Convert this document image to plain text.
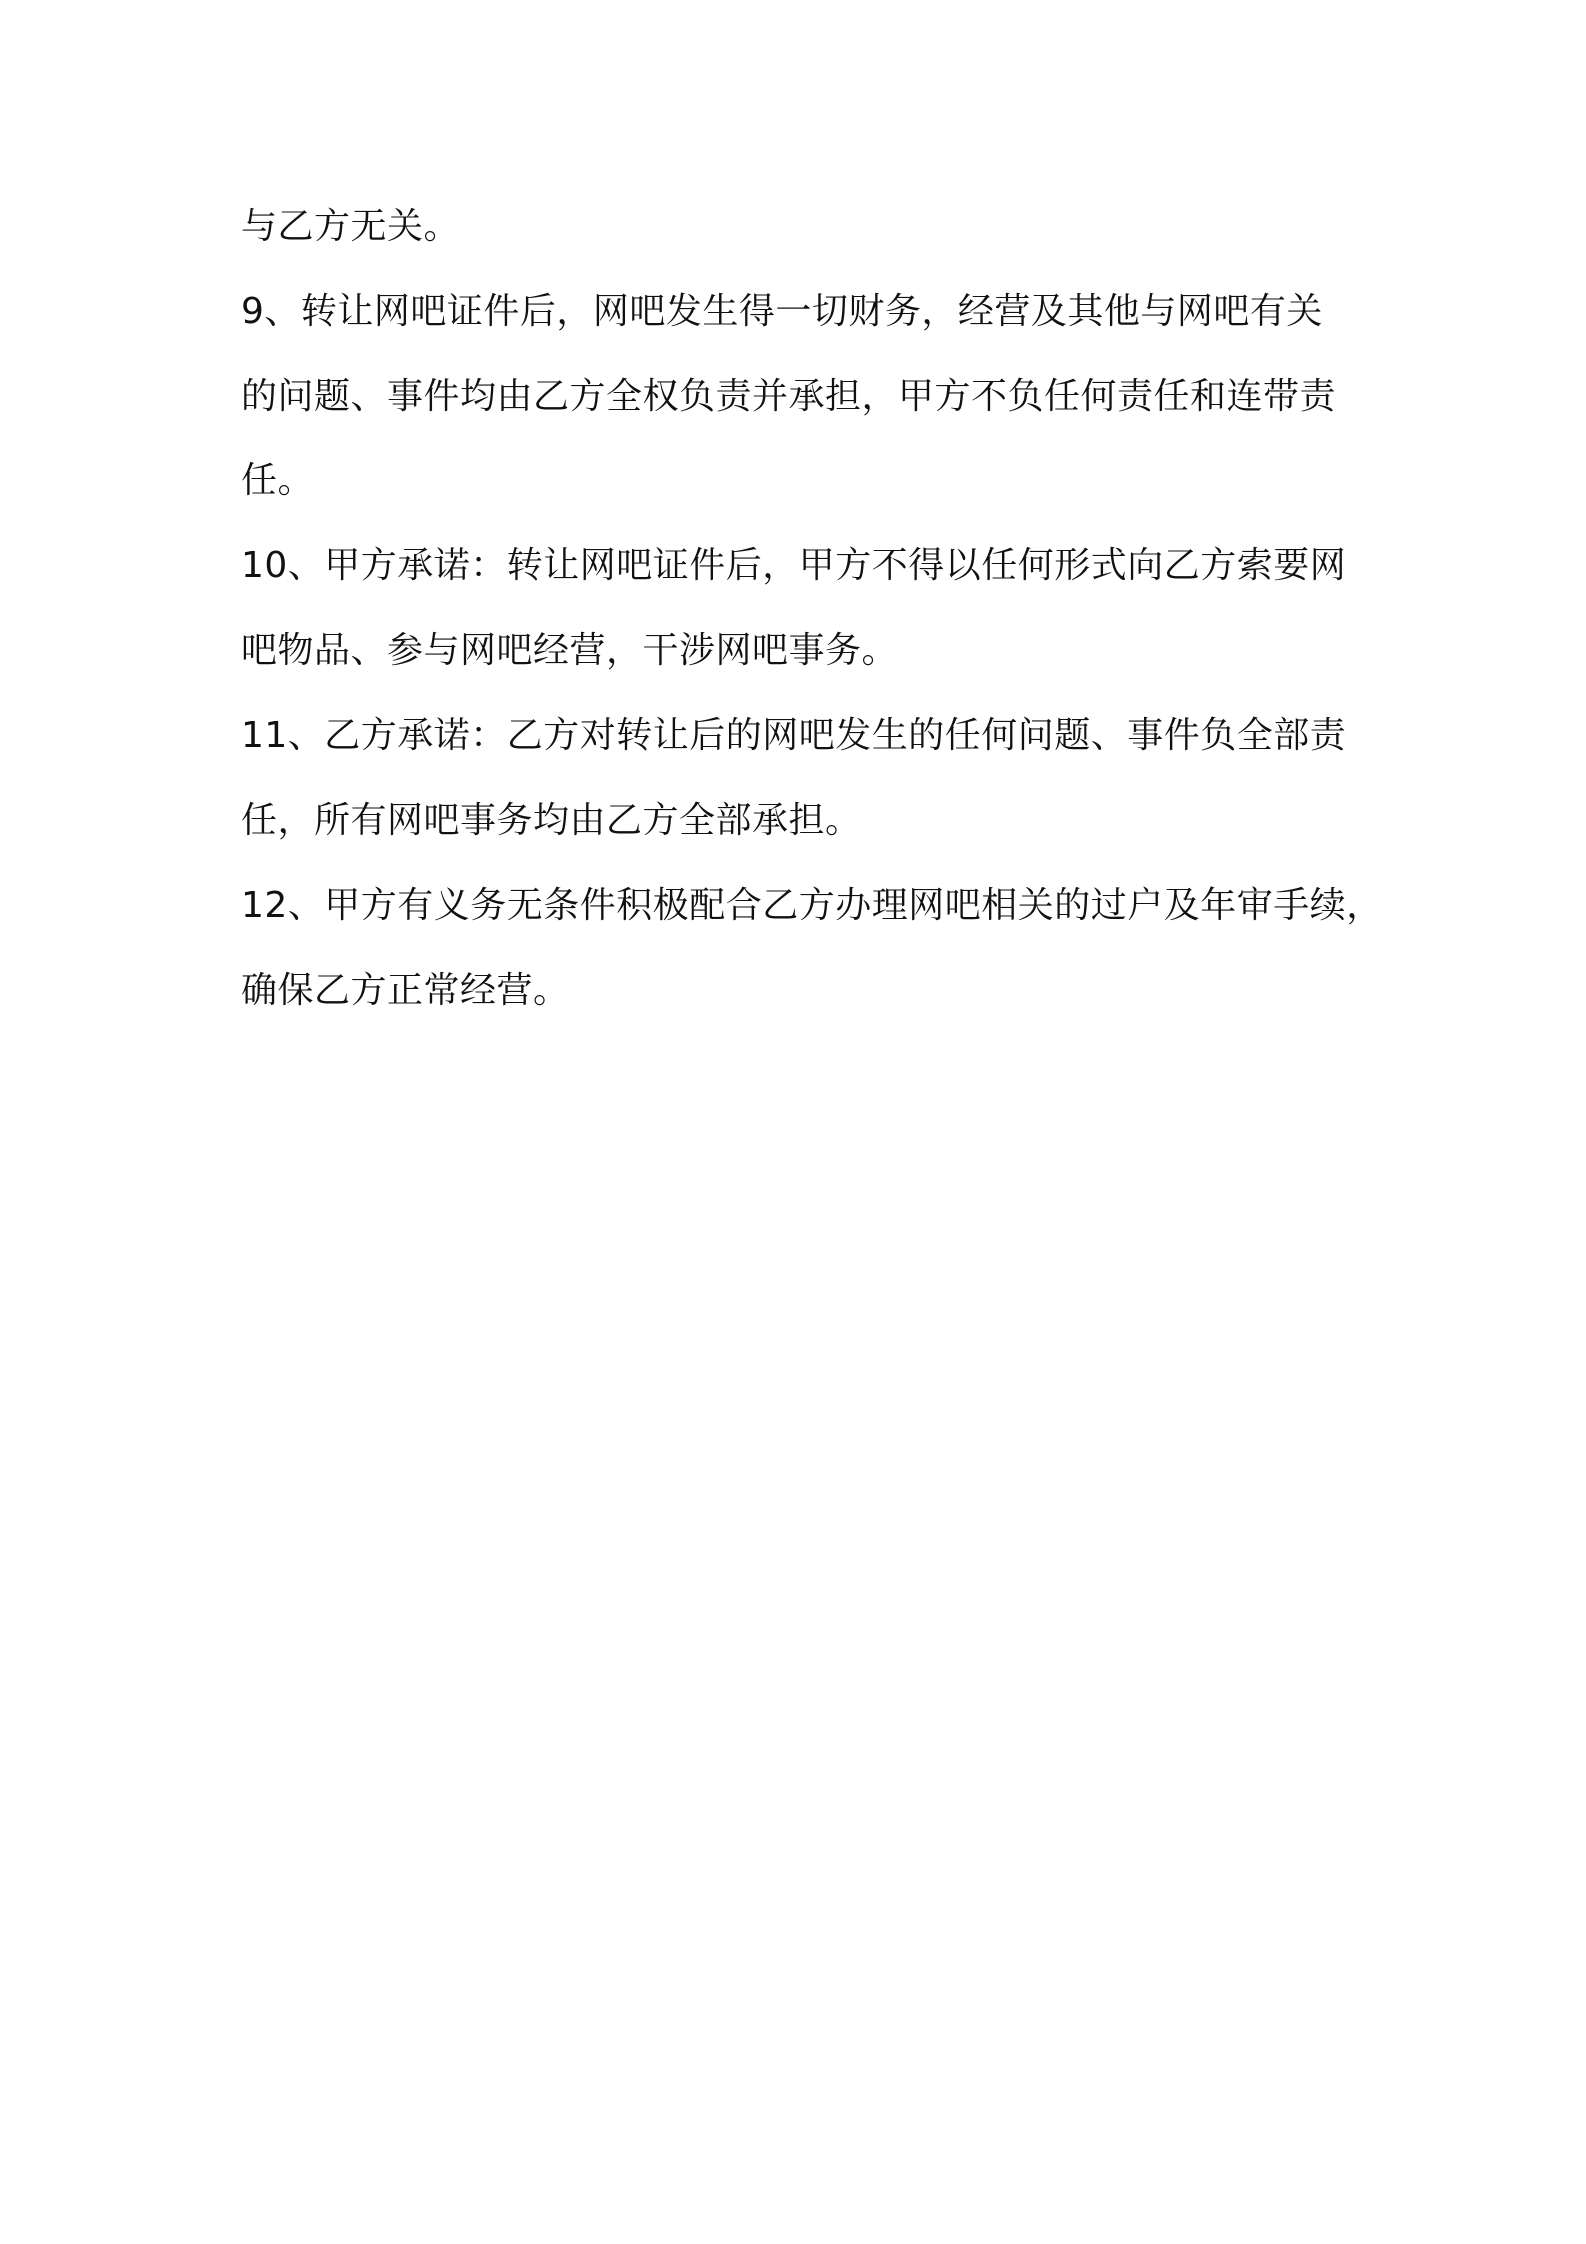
与乙方无关。
9、转让网吧证件后，网吧发生得一切财务，经营及其他与网吧有关
的问题、事件均由乙方全权负责并承担，甲方不负任何责任和连带责
任。
10、甲方承诺：转让网吧证件后，甲方不得以任何形式向乙方索要网
吧物品、参与网吧经营，干涉网吧事务。
11、乙方承诺：乙方对转让后的网吧发生的任何问题、事件负全部责
任，所有网吧事务均由乙方全部承担。
12、甲方有义务无条件积极配合乙方办理网吧相关的过户及年审手续，
确保乙方正常经营。
